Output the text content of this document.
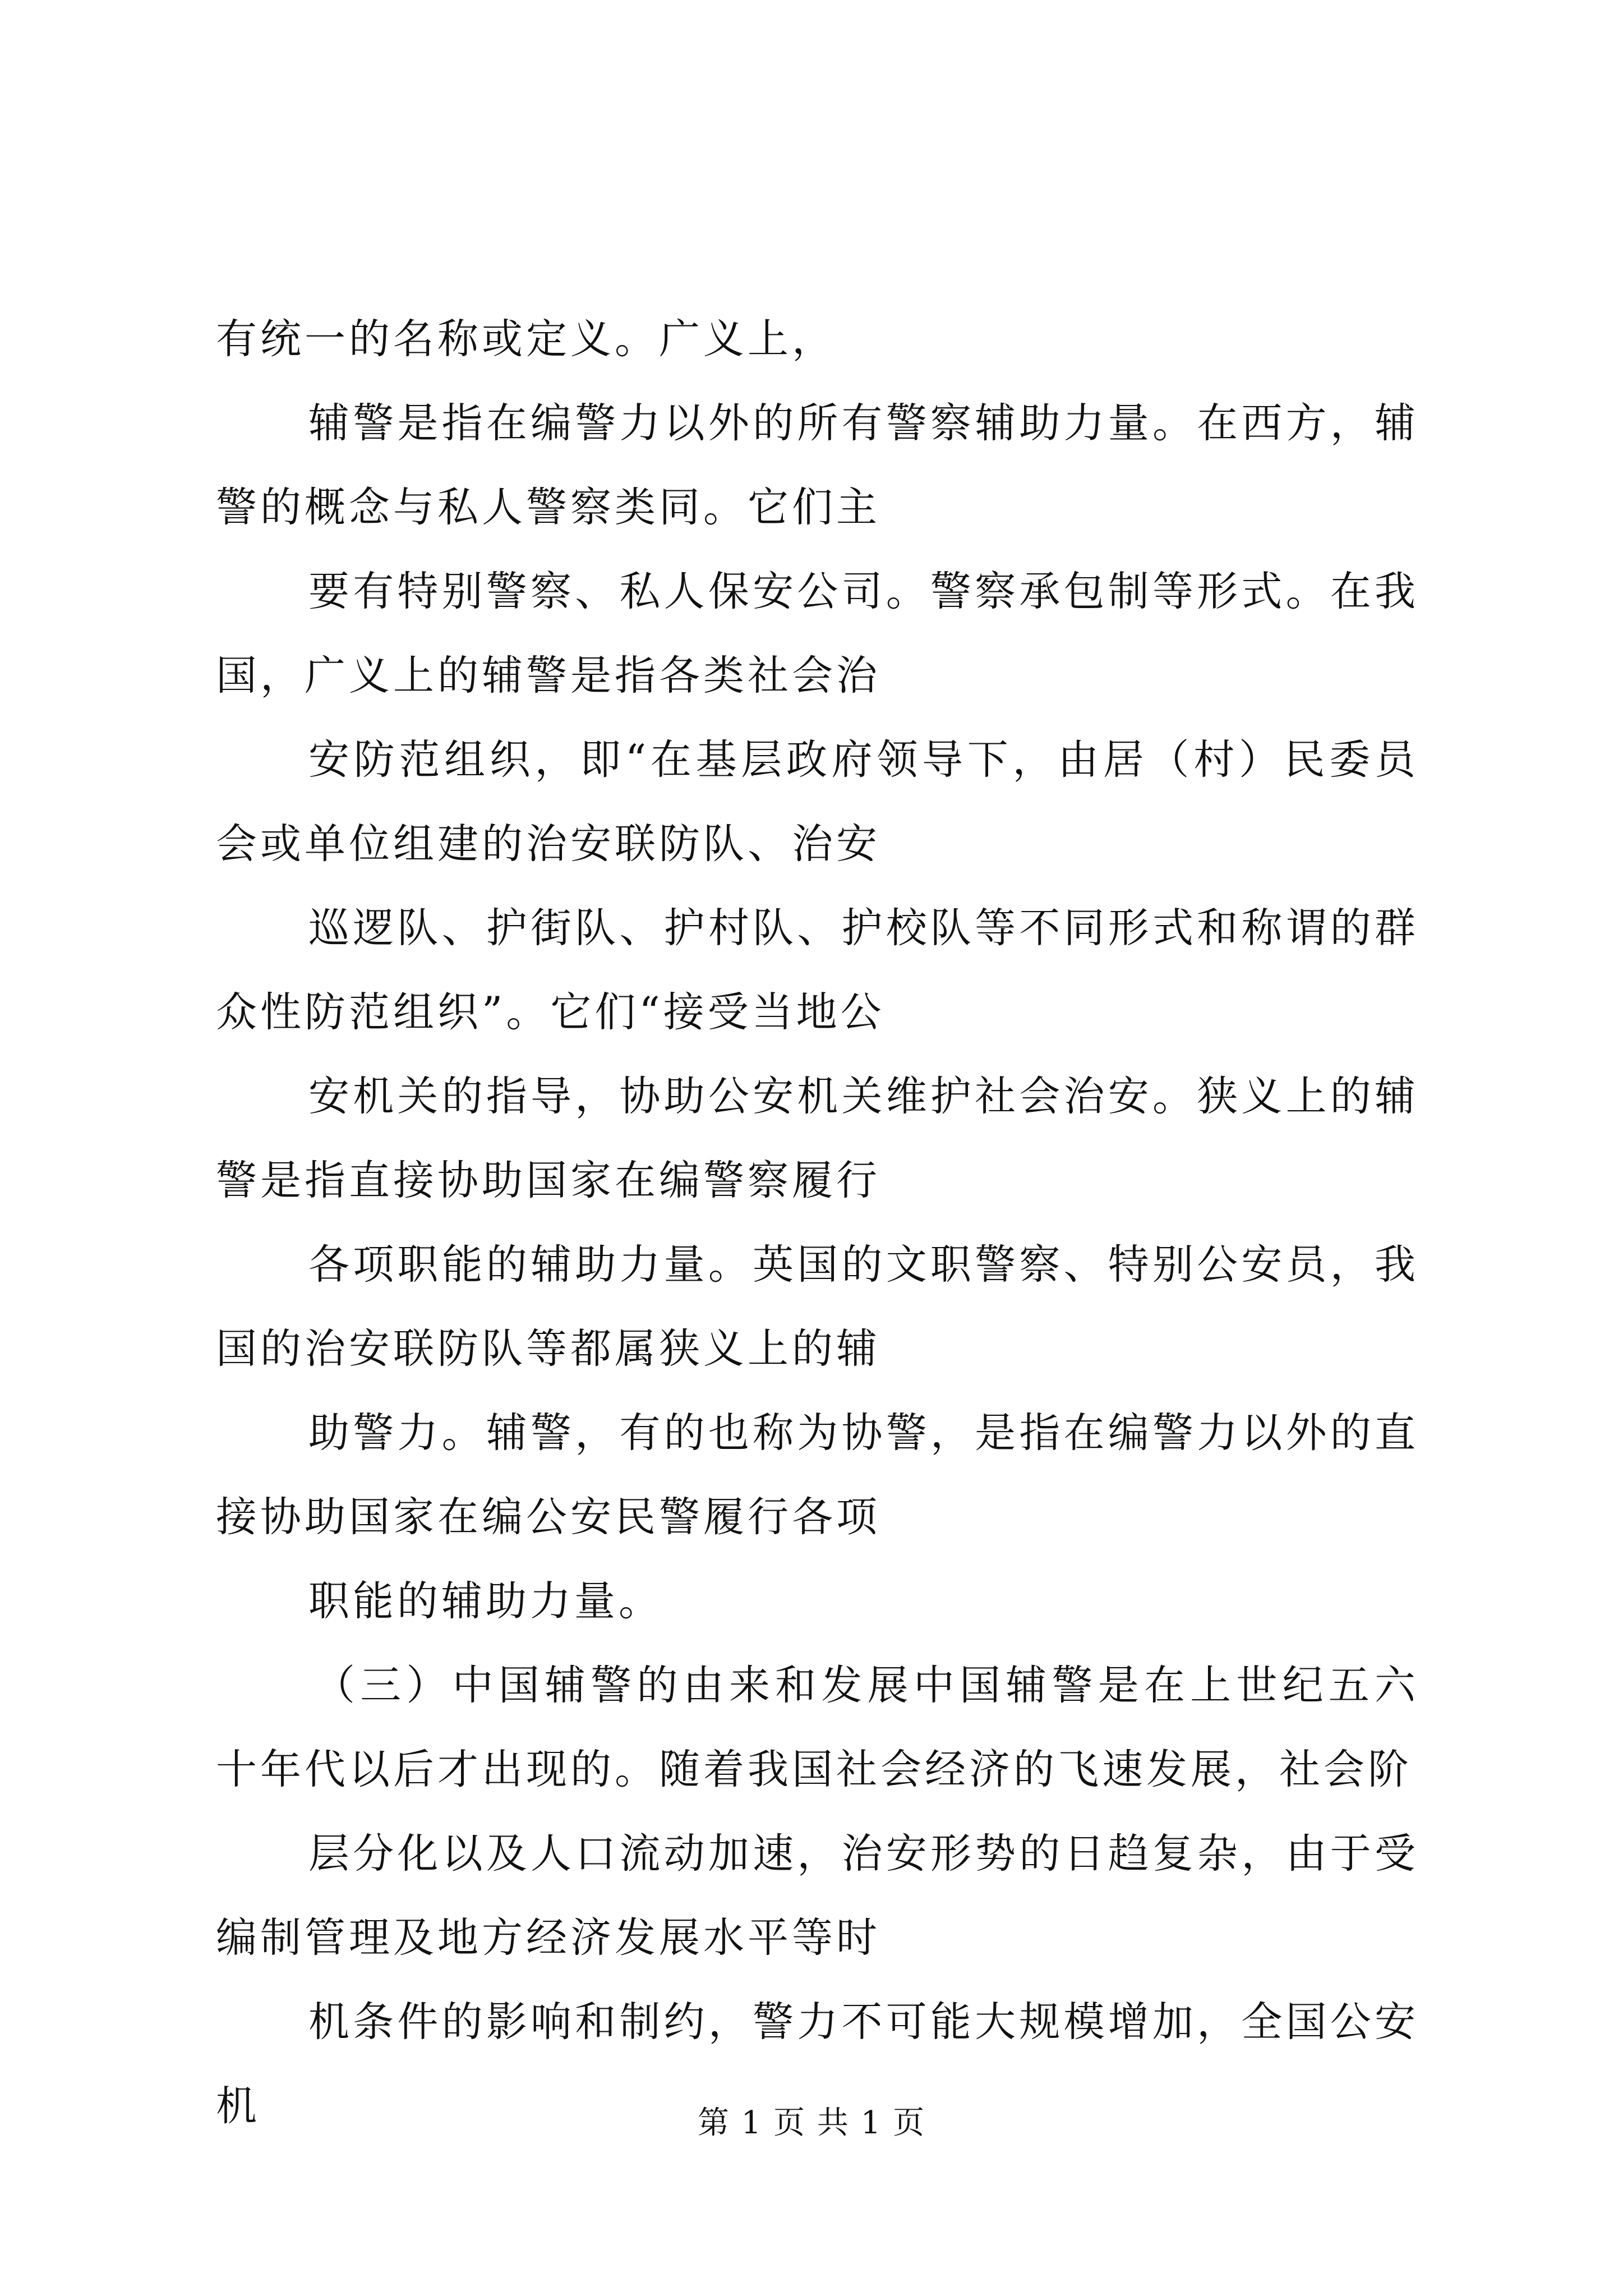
有统一的名称或定义。广义上，

辅警是指在编警力以外的所有警察辅助力量。在西方，辅警的概念与私人警察类同。它们主

要有特别警察、私人保安公司。警察承包制等形式。在我国，广义上的辅警是指各类社会治

安防范组织，即“在基层政府领导下，由居（村）民委员会或单位组建的治安联防队、治安

巡逻队、护街队、护村队、护校队等不同形式和称谓的群众性防范组织”。它们“接受当地公

安机关的指导，协助公安机关维护社会治安。狭义上的辅警是指直接协助国家在编警察履行

各项职能的辅助力量。英国的文职警察、特别公安员，我国的治安联防队等都属狭义上的辅

助警力。辅警，有的也称为协警，是指在编警力以外的直接协助国家在编公安民警履行各项

职能的辅助力量。

（三）中国辅警的由来和发展中国辅警是在上世纪五六十年代以后才出现的。随着我国社会经济的飞速发展，社会阶

层分化以及人口流动加速，治安形势的日趋复杂，由于受编制管理及地方经济发展水平等时

机条件的影响和制约，警力不可能大规模增加，全国公安机	第 1 页 共 1 页
